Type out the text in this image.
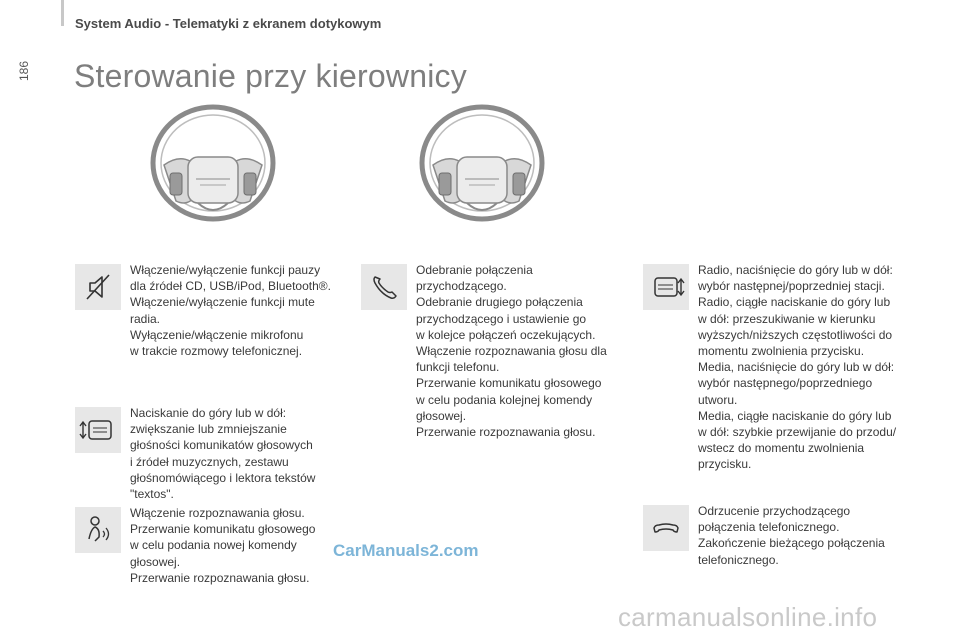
System Audio - Telematyki z ekranem dotykowym
186 Sterowanie przy kierownicy
Włączenie/wyłączenie funkcji pauzy
dla źródeł CD, USB/iPod, Bluetooth®.
Włączenie/wyłączenie funkcji mute
radia.
Wyłączenie/włączenie mikrofonu
w trakcie rozmowy telefonicznej.
Naciskanie do góry lub w dół:
zwiększanie lub zmniejszanie
głośności komunikatów głosowych
i źródeł muzycznych, zestawu
głośnomówiącego i lektora tekstów
"textos".
Włączenie rozpoznawania głosu.
Przerwanie komunikatu głosowego
w celu podania nowej komendy
głosowej.
Przerwanie rozpoznawania głosu.
Odebranie połączenia
przychodzącego.
Odebranie drugiego połączenia
przychodzącego i ustawienie go
w kolejce połączeń oczekujących.
Włączenie rozpoznawania głosu dla
funkcji telefonu.
Przerwanie komunikatu głosowego
w celu podania kolejnej komendy
głosowej.
Przerwanie rozpoznawania głosu.
Radio, naciśnięcie do góry lub w dół:
wybór następnej/poprzedniej stacji.
Radio, ciągłe naciskanie do góry lub
w dół: przeszukiwanie w kierunku
wyższych/niższych częstotliwości do
momentu zwolnienia przycisku.
Media, naciśnięcie do góry lub w dół:
wybór następnego/poprzedniego
utworu.
Media, ciągłe naciskanie do góry lub
w dół: szybkie przewijanie do przodu/
wstecz do momentu zwolnienia
przycisku.
Odrzucenie przychodzącego
połączenia telefonicznego.
Zakończenie bieżącego połączenia
telefonicznego.
CarManuals2.com
carmanualsonline.info
